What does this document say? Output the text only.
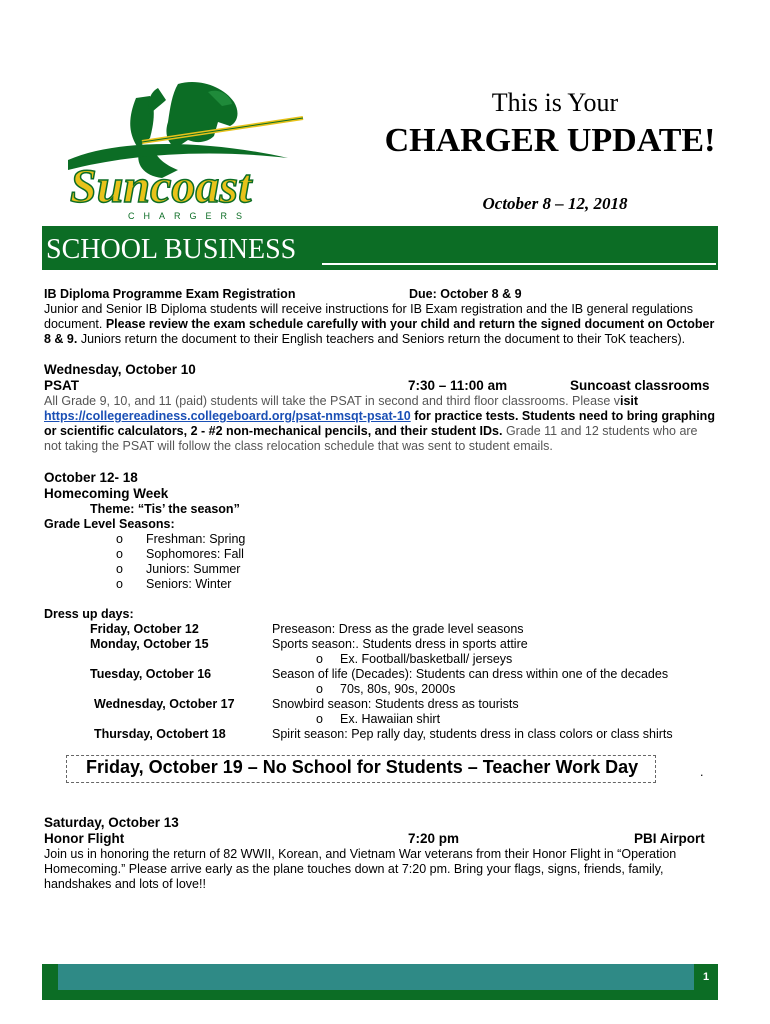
Suncoast
CHARGERS
This is Your
CHARGER UPDATE!
October 8 – 12, 2018
SCHOOL BUSINESS
IB Diploma Programme Exam Registration	Due: October 8 & 9
Junior and Senior IB Diploma students will receive instructions for IB Exam registration and the IB general regulations
document. Please review the exam schedule carefully with your child and return the signed document on October
8 & 9. Juniors return the document to their English teachers and Seniors return the document to their ToK teachers).
Wednesday, October 10
PSAT	7:30 – 11:00 am	Suncoast classrooms
All Grade 9, 10, and 11 (paid) students will take the PSAT in second and third floor classrooms. Please visit
https://collegereadiness.collegeboard.org/psat-nmsqt-psat-10 for practice tests. Students need to bring graphing
or scientific calculators, 2 - #2 non-mechanical pencils, and their student IDs. Grade 11 and 12 students who are
not taking the PSAT will follow the class relocation schedule that was sent to student emails.
October 12- 18
Homecoming Week
Theme: “Tis’ the season”
Grade Level Seasons:
o Freshman: Spring
o Sophomores: Fall
o Juniors: Summer
o Seniors: Winter
Dress up days:
Friday, October 12	Preseason: Dress as the grade level seasons
Monday, October 15	Sports season:. Students dress in sports attire
o Ex. Football/basketball/ jerseys
Tuesday, October 16	Season of life (Decades): Students can dress within one of the decades
o 70s, 80s, 90s, 2000s
Wednesday, October 17	Snowbird season: Students dress as tourists
o Ex. Hawaiian shirt
Thursday, Octobert 18	Spirit season: Pep rally day, students dress in class colors or class shirts
Friday, October 19 – No School for Students – Teacher Work Day	.
Saturday, October 13
Honor Flight	7:20 pm	PBI Airport
Join us in honoring the return of 82 WWII, Korean, and Vietnam War veterans from their Honor Flight in “Operation
Homecoming.” Please arrive early as the plane touches down at 7:20 pm. Bring your flags, signs, friends, family,
handshakes and lots of love!!
1
